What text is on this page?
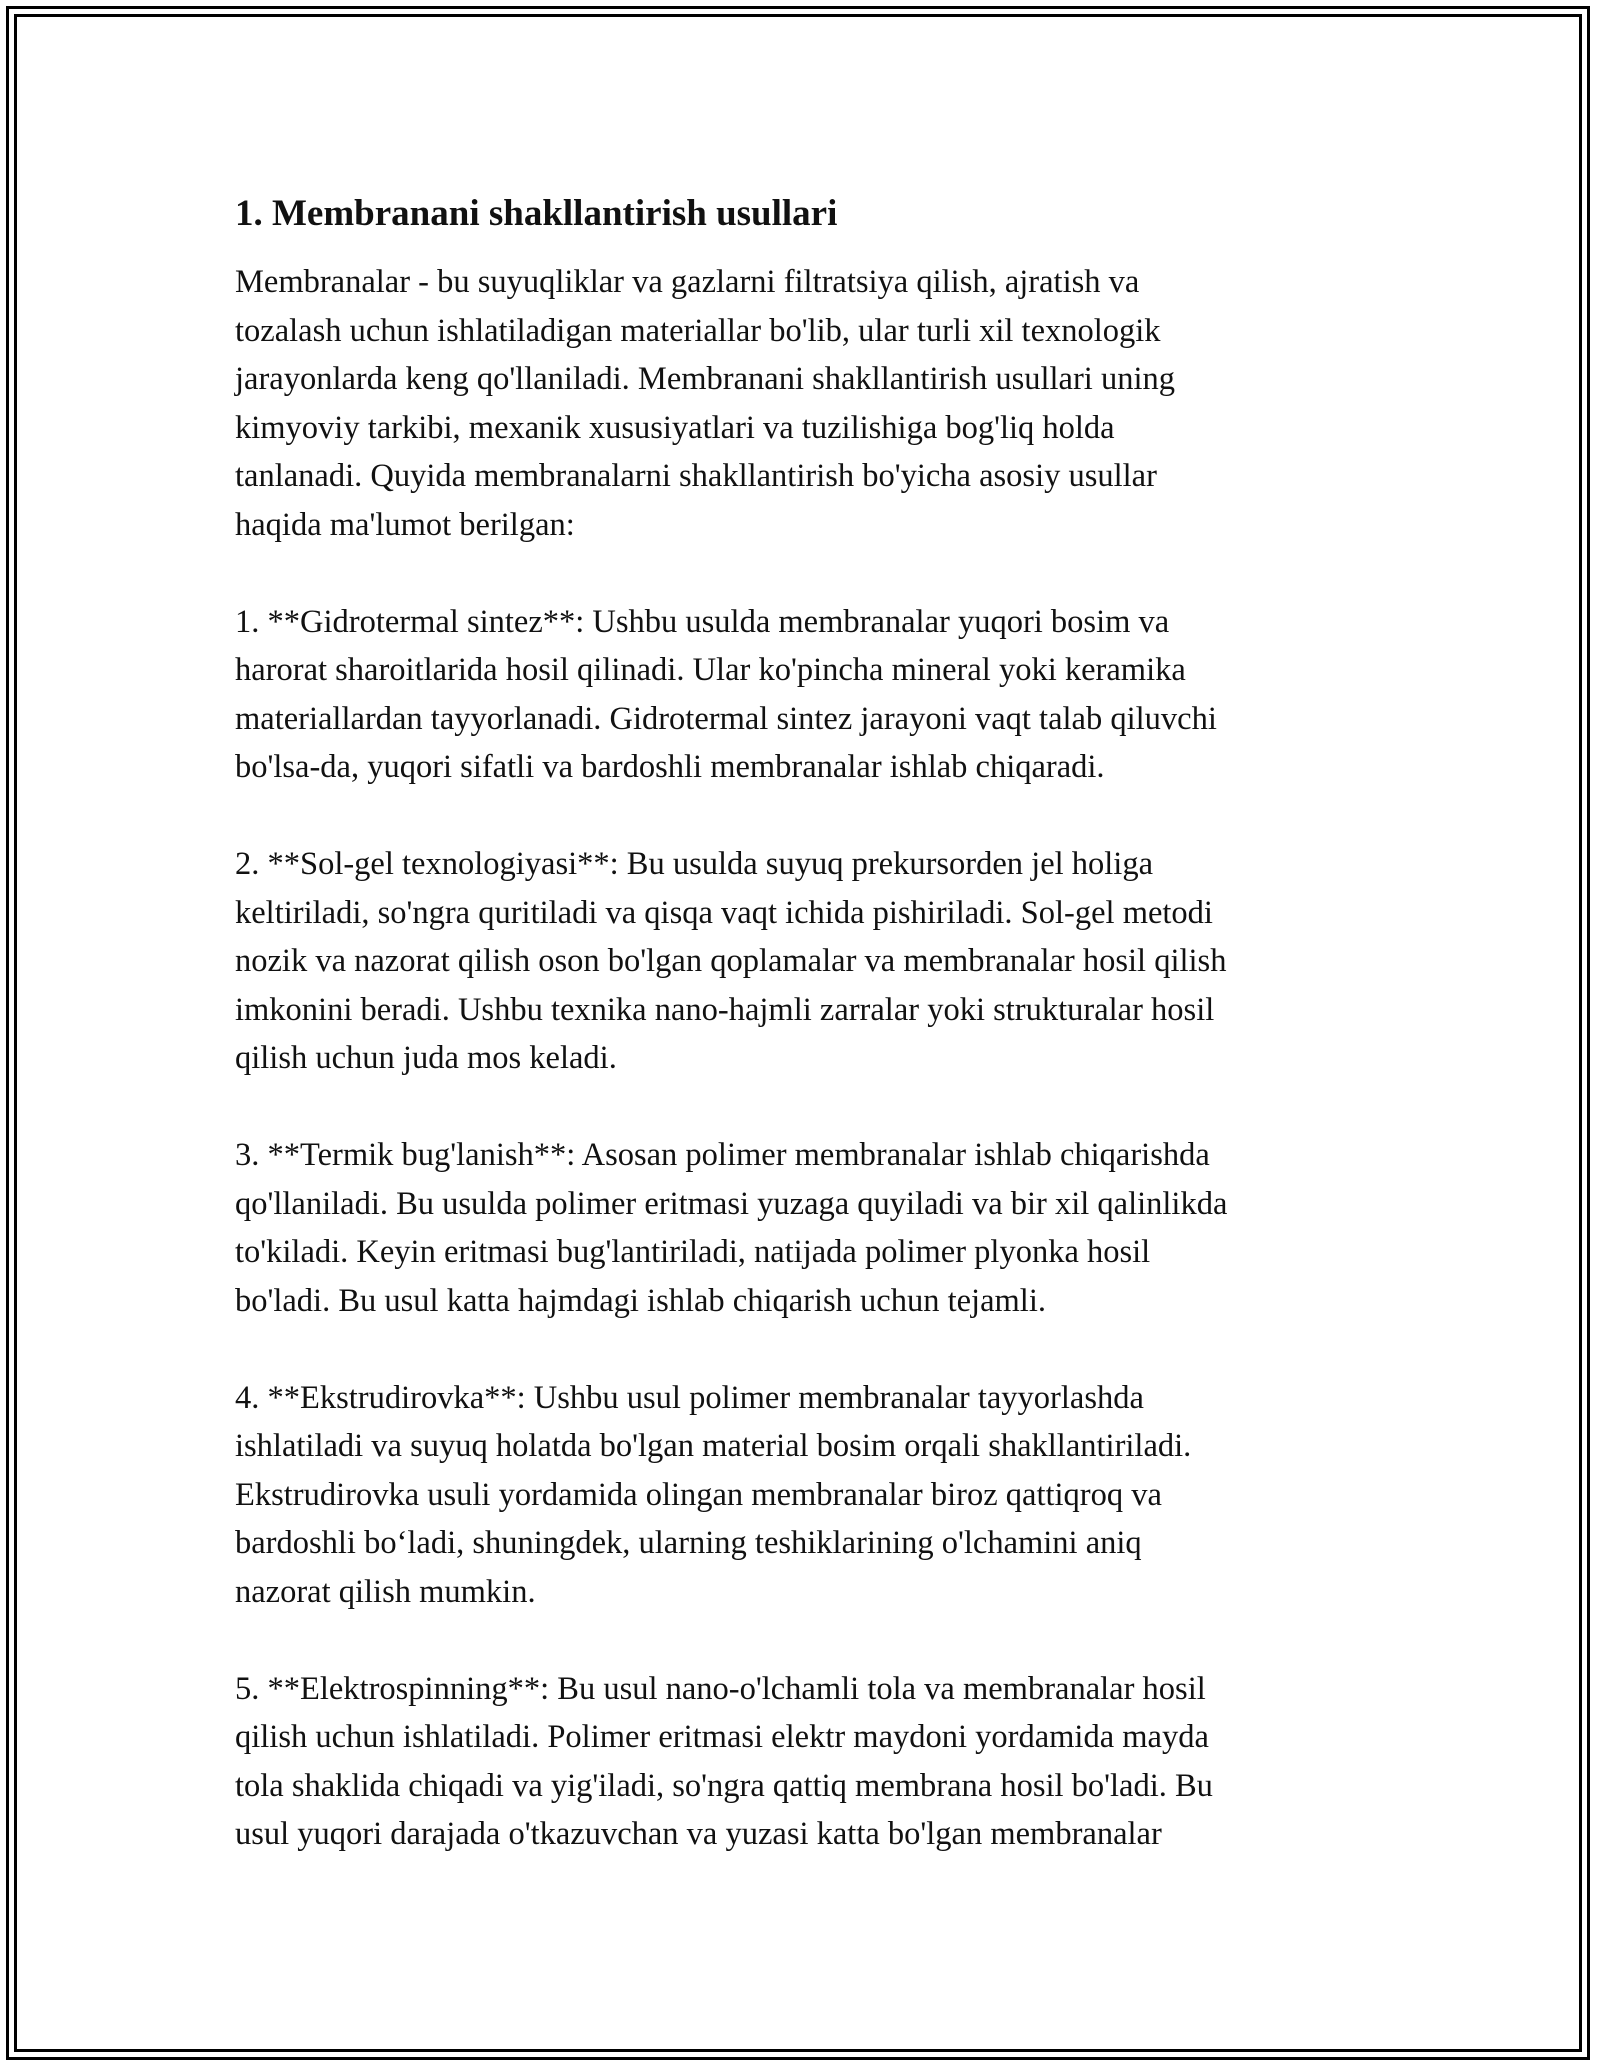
1. Membranani shakllantirish usullari

Membranalar - bu suyuqliklar va gazlarni filtratsiya qilish, ajratish va
tozalash uchun ishlatiladigan materiallar bo'lib, ular turli xil texnologik
jarayonlarda keng qo'llaniladi. Membranani shakllantirish usullari uning
kimyoviy tarkibi, mexanik xususiyatlari va tuzilishiga bog'liq holda
tanlanadi. Quyida membranalarni shakllantirish bo'yicha asosiy usullar
haqida ma'lumot berilgan:

1. **Gidrotermal sintez**: Ushbu usulda membranalar yuqori bosim va
harorat sharoitlarida hosil qilinadi. Ular ko'pincha mineral yoki keramika
materiallardan tayyorlanadi. Gidrotermal sintez jarayoni vaqt talab qiluvchi
bo'lsa-da, yuqori sifatli va bardoshli membranalar ishlab chiqaradi.

2. **Sol-gel texnologiyasi**: Bu usulda suyuq prekursorden jel holiga
keltiriladi, so'ngra quritiladi va qisqa vaqt ichida pishiriladi. Sol-gel metodi
nozik va nazorat qilish oson bo'lgan qoplamalar va membranalar hosil qilish
imkonini beradi. Ushbu texnika nano-hajmli zarralar yoki strukturalar hosil
qilish uchun juda mos keladi.

3. **Termik bug'lanish**: Asosan polimer membranalar ishlab chiqarishda
qo'llaniladi. Bu usulda polimer eritmasi yuzaga quyiladi va bir xil qalinlikda
to'kiladi. Keyin eritmasi bug'lantiriladi, natijada polimer plyonka hosil
bo'ladi. Bu usul katta hajmdagi ishlab chiqarish uchun tejamli.

4. **Ekstrudirovka**: Ushbu usul polimer membranalar tayyorlashda
ishlatiladi va suyuq holatda bo'lgan material bosim orqali shakllantiriladi.
Ekstrudirovka usuli yordamida olingan membranalar biroz qattiqroq va
bardoshli bo‘ladi, shuningdek, ularning teshiklarining o'lchamini aniq
nazorat qilish mumkin.

5. **Elektrospinning**: Bu usul nano-o'lchamli tola va membranalar hosil
qilish uchun ishlatiladi. Polimer eritmasi elektr maydoni yordamida mayda
tola shaklida chiqadi va yig'iladi, so'ngra qattiq membrana hosil bo'ladi. Bu
usul yuqori darajada o'tkazuvchan va yuzasi katta bo'lgan membranalar
